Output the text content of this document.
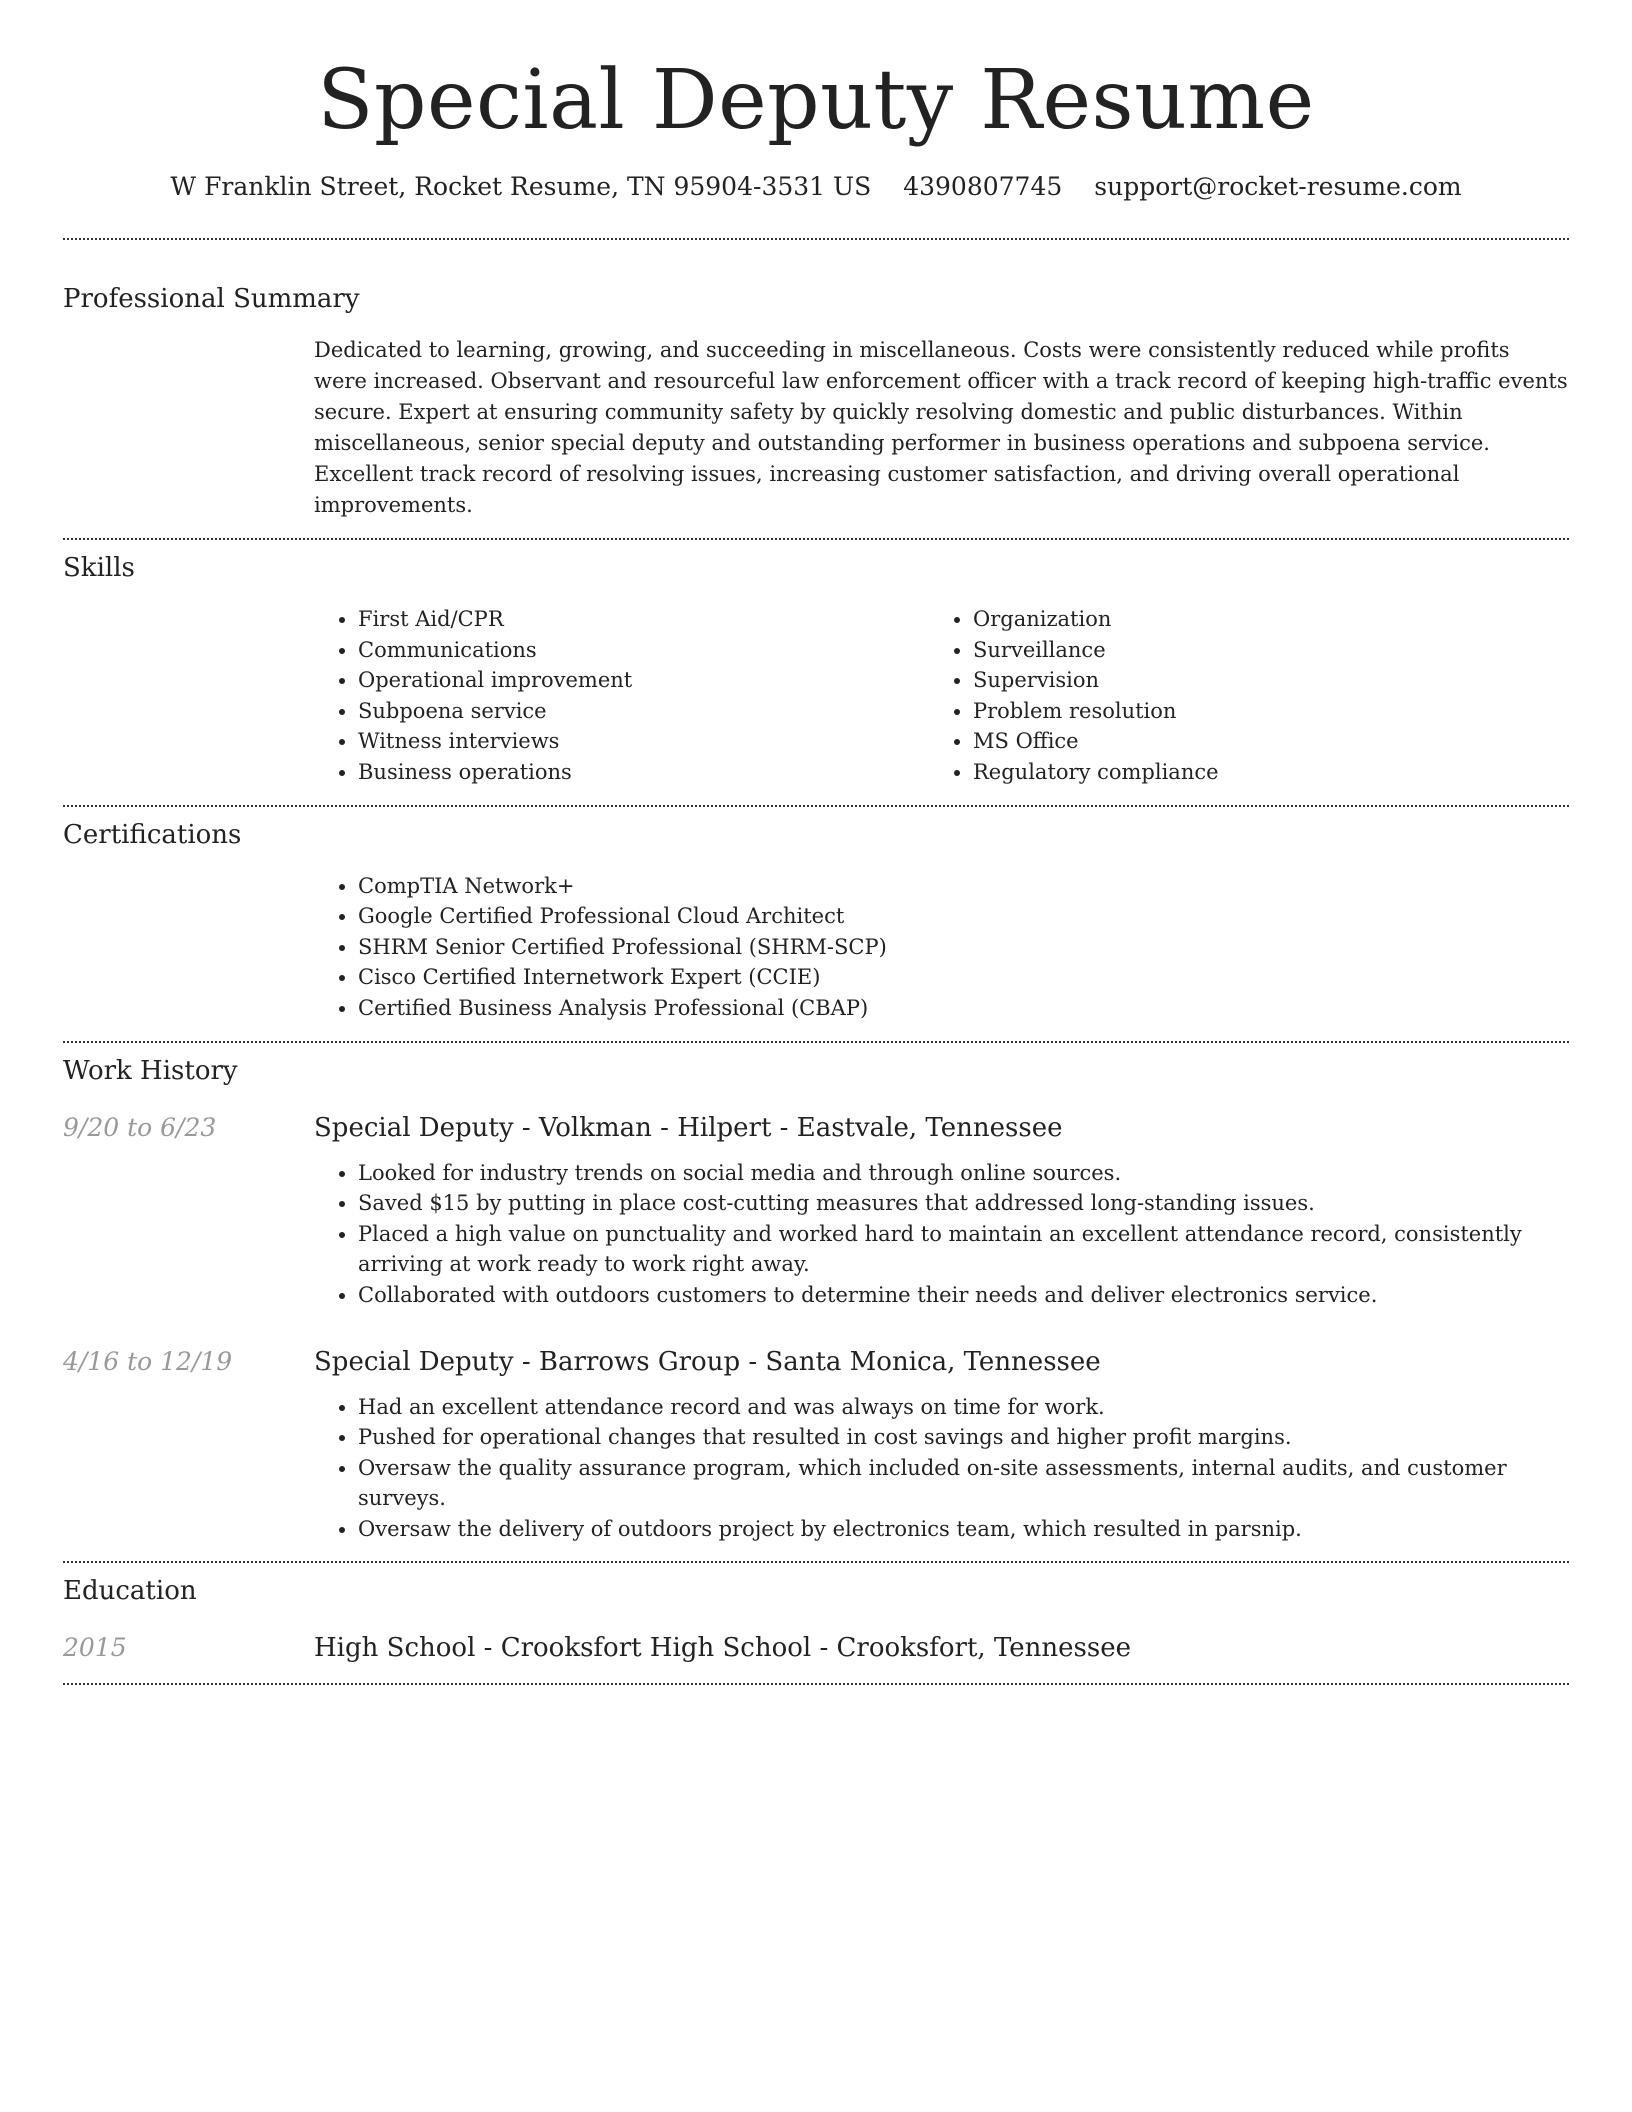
Special Deputy Resume
W Franklin Street, Rocket Resume, TN 95904-3531 US 4390807745 support@rocket-resume.com
Professional Summary

Dedicated to learning, growing, and succeeding in miscellaneous. Costs were consistently reduced while profits were increased. Observant and resourceful law enforcement officer with a track record of keeping high-traffic events secure. Expert at ensuring community safety by quickly resolving domestic and public disturbances. Within miscellaneous, senior special deputy and outstanding performer in business operations and subpoena service. Excellent track record of resolving issues, increasing customer satisfaction, and driving overall operational improvements.

Skills
• First Aid/CPR
• Communications
• Operational improvement
• Subpoena service
• Witness interviews
• Business operations
• Organization
• Surveillance
• Supervision
• Problem resolution
• MS Office
• Regulatory compliance
Certifications
• CompTIA Network+
• Google Certified Professional Cloud Architect
• SHRM Senior Certified Professional (SHRM-SCP)
• Cisco Certified Internetwork Expert (CCIE)
• Certified Business Analysis Professional (CBAP)
Work History
9/20 to 6/23	Special Deputy - Volkman - Hilpert - Eastvale, Tennessee
• Looked for industry trends on social media and through online sources.
• Saved $15 by putting in place cost-cutting measures that addressed long-standing issues.
• Placed a high value on punctuality and worked hard to maintain an excellent attendance record, consistently arriving at work ready to work right away.
• Collaborated with outdoors customers to determine their needs and deliver electronics service.
4/16 to 12/19	Special Deputy - Barrows Group - Santa Monica, Tennessee
• Had an excellent attendance record and was always on time for work.
• Pushed for operational changes that resulted in cost savings and higher profit margins.
• Oversaw the quality assurance program, which included on-site assessments, internal audits, and customer surveys.
• Oversaw the delivery of outdoors project by electronics team, which resulted in parsnip.
Education
2015	High School - Crooksfort High School - Crooksfort, Tennessee
